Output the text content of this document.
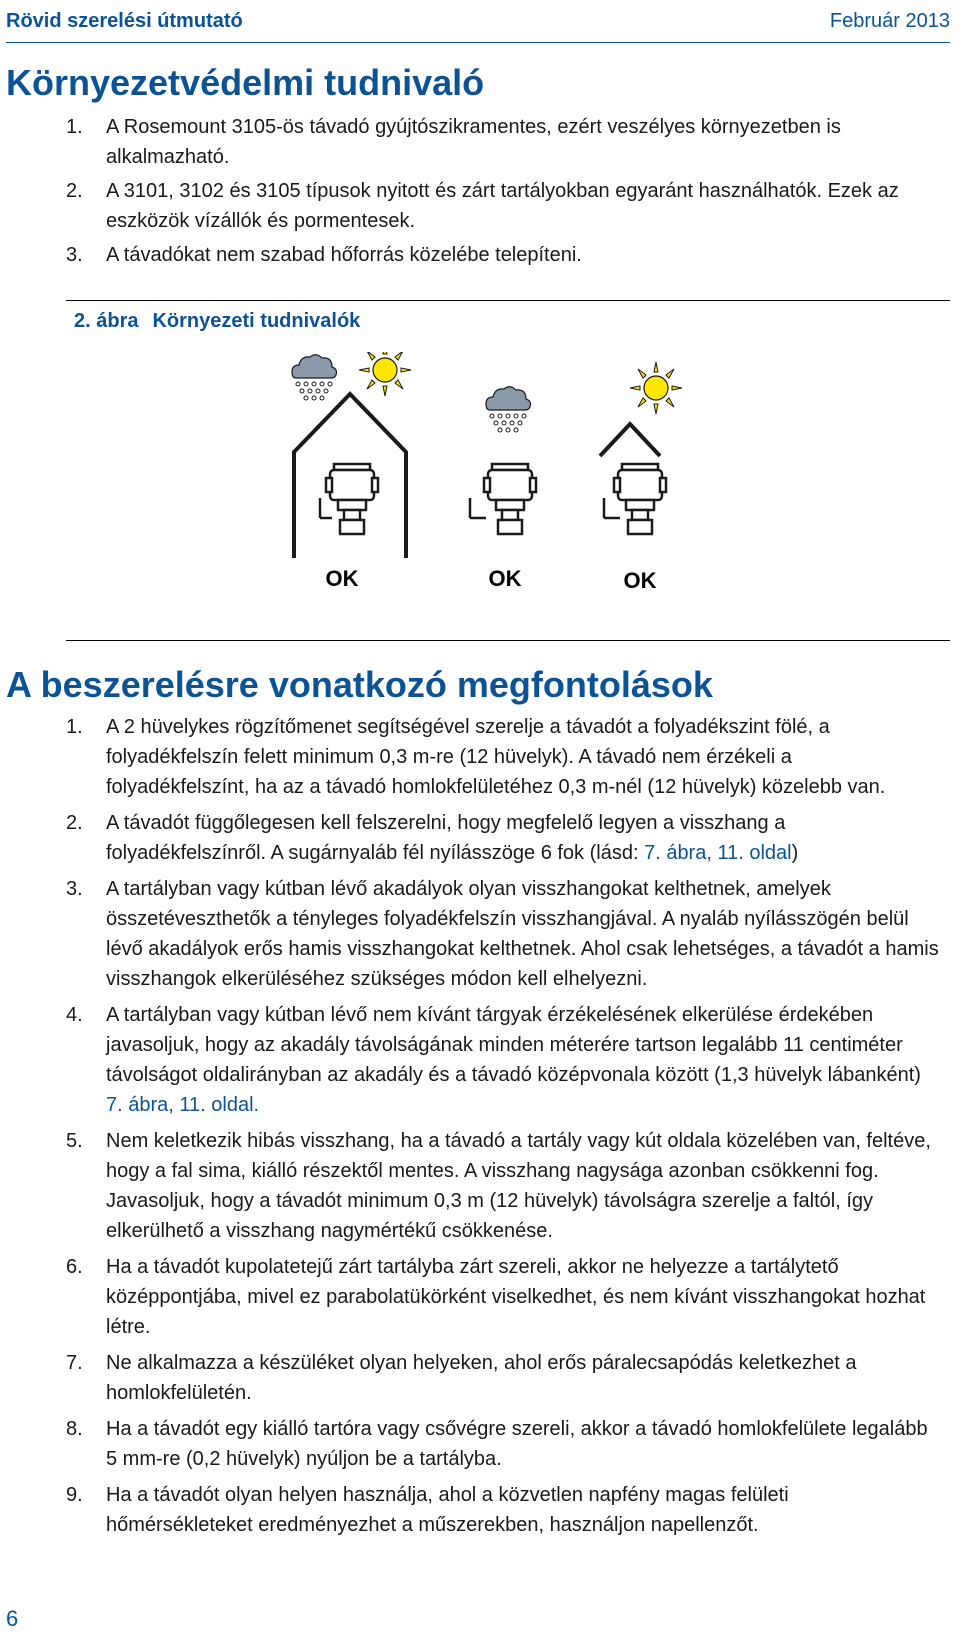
Rövid szerelési útmutató	Február 2013
Környezetvédelmi tudnivaló
1. A Rosemount 3105-ös távadó gyújtószikramentes, ezért veszélyes környezetben is alkalmazható.
2. A 3101, 3102 és 3105 típusok nyitott és zárt tartályokban egyaránt használhatók. Ezek az eszközök vízállók és pormentesek.
3. A távadókat nem szabad hőforrás közelébe telepíteni.
2. ábra Környezeti tudnivalók
OK	OK	OK
A beszerelésre vonatkozó megfontolások
1. A 2 hüvelykes rögzítőmenet segítségével szerelje a távadót a folyadékszint fölé, a folyadékfelszín felett minimum 0,3 m-re (12 hüvelyk). A távadó nem érzékeli a folyadékfelszínt, ha az a távadó homlokfelületéhez 0,3 m-nél (12 hüvelyk) közelebb van.
2. A távadót függőlegesen kell felszerelni, hogy megfelelő legyen a visszhang a folyadékfelszínről. A sugárnyaláb fél nyílásszöge 6 fok (lásd: 7. ábra, 11. oldal)
3. A tartályban vagy kútban lévő akadályok olyan visszhangokat kelthetnek, amelyek összetéveszthetők a tényleges folyadékfelszín visszhangjával. A nyaláb nyílásszögén belül lévő akadályok erős hamis visszhangokat kelthetnek. Ahol csak lehetséges, a távadót a hamis visszhangok elkerüléséhez szükséges módon kell elhelyezni.
4. A tartályban vagy kútban lévő nem kívánt tárgyak érzékelésének elkerülése érdekében javasoljuk, hogy az akadály távolságának minden méterére tartson legalább 11 centiméter távolságot oldalirányban az akadály és a távadó középvonala között (1,3 hüvelyk lábanként) 7. ábra, 11. oldal.
5. Nem keletkezik hibás visszhang, ha a távadó a tartály vagy kút oldala közelében van, feltéve, hogy a fal sima, kiálló részektől mentes. A visszhang nagysága azonban csökkenni fog. Javasoljuk, hogy a távadót minimum 0,3 m (12 hüvelyk) távolságra szerelje a faltól, így elkerülhető a visszhang nagymértékű csökkenése.
6. Ha a távadót kupolatetejű zárt tartályba zárt szereli, akkor ne helyezze a tartálytető középpontjába, mivel ez parabolatükörként viselkedhet, és nem kívánt visszhangokat hozhat létre.
7. Ne alkalmazza a készüléket olyan helyeken, ahol erős páralecsapódás keletkezhet a homlokfelületén.
8. Ha a távadót egy kiálló tartóra vagy csővégre szereli, akkor a távadó homlokfelülete legalább 5 mm-re (0,2 hüvelyk) nyúljon be a tartályba.
9. Ha a távadót olyan helyen használja, ahol a közvetlen napfény magas felületi hőmérsékleteket eredményezhet a műszerekben, használjon napellenzőt.
6
